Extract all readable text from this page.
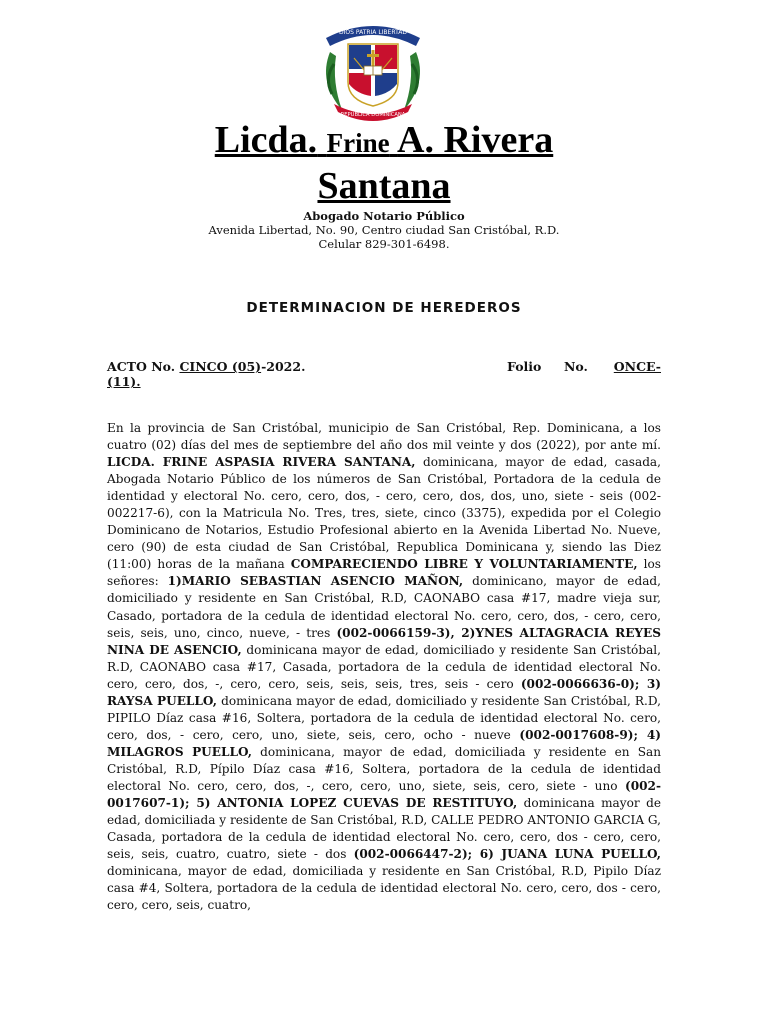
DIOS PATRIA LIBERTAD
REPUBLICA DOMINICANA
Licda. Frine A. Rivera
Santana
Abogado Notario Público
Avenida Libertad, No. 90, Centro ciudad San Cristóbal, R.D.
Celular 829-301-6498.
DETERMINACION DE HEREDEROS
ACTO No. CINCO (05)-2022.	Folio No. ONCE-
(11).
En la provincia de San Cristóbal, municipio de San Cristóbal, Rep. Dominicana, a los cuatro (02) días del mes de septiembre del año dos mil veinte y dos (2022), por ante mí. LICDA. FRINE ASPASIA RIVERA SANTANA, dominicana, mayor de edad, casada, Abogada Notario Público de los números de San Cristóbal, Portadora de la cedula de identidad y electoral No. cero, cero, dos, - cero, cero, dos, dos, uno, siete - seis (002-002217-6), con la Matricula No. Tres, tres, siete, cinco (3375), expedida por el Colegio Dominicano de Notarios, Estudio Profesional abierto en la Avenida Libertad No. Nueve, cero (90) de esta ciudad de San Cristóbal, Republica Dominicana y, siendo las Diez (11:00) horas de la mañana COMPARECIENDO LIBRE Y VOLUNTARIAMENTE, los señores: 1)MARIO SEBASTIAN ASENCIO MAÑON, dominicano, mayor de edad, domiciliado y residente en San Cristóbal, R.D, CAONABO casa #17, madre vieja sur, Casado, portadora de la cedula de identidad electoral No. cero, cero, dos, - cero, cero, seis, seis, uno, cinco, nueve, - tres (002-0066159-3), 2)YNES ALTAGRACIA REYES NINA DE ASENCIO, dominicana mayor de edad, domiciliado y residente San Cristóbal, R.D, CAONABO casa #17, Casada, portadora de la cedula de identidad electoral No. cero, cero, dos, -, cero, cero, seis, seis, seis, tres, seis - cero (002-0066636-0); 3) RAYSA PUELLO, dominicana mayor de edad, domiciliado y residente San Cristóbal, R.D, PIPILO Díaz casa #16, Soltera, portadora de la cedula de identidad electoral No. cero, cero, dos, - cero, cero, uno, siete, seis, cero, ocho - nueve (002-0017608-9); 4) MILAGROS PUELLO, dominicana, mayor de edad, domiciliada y residente en San Cristóbal, R.D, Pípilo Díaz casa #16, Soltera, portadora de la cedula de identidad electoral No. cero, cero, dos, -, cero, cero, uno, siete, seis, cero, siete - uno (002-0017607-1); 5) ANTONIA LOPEZ CUEVAS DE RESTITUYO, dominicana mayor de edad, domiciliada y residente de San Cristóbal, R.D, CALLE PEDRO ANTONIO GARCIA G, Casada, portadora de la cedula de identidad electoral No. cero, cero, dos - cero, cero, seis, seis, cuatro, cuatro, siete - dos (002-0066447-2); 6) JUANA LUNA PUELLO, dominicana, mayor de edad, domiciliada y residente en San Cristóbal, R.D, Pipilo Díaz casa #4, Soltera, portadora de la cedula de identidad electoral No. cero, cero, dos - cero, cero, cero, seis, cuatro,
